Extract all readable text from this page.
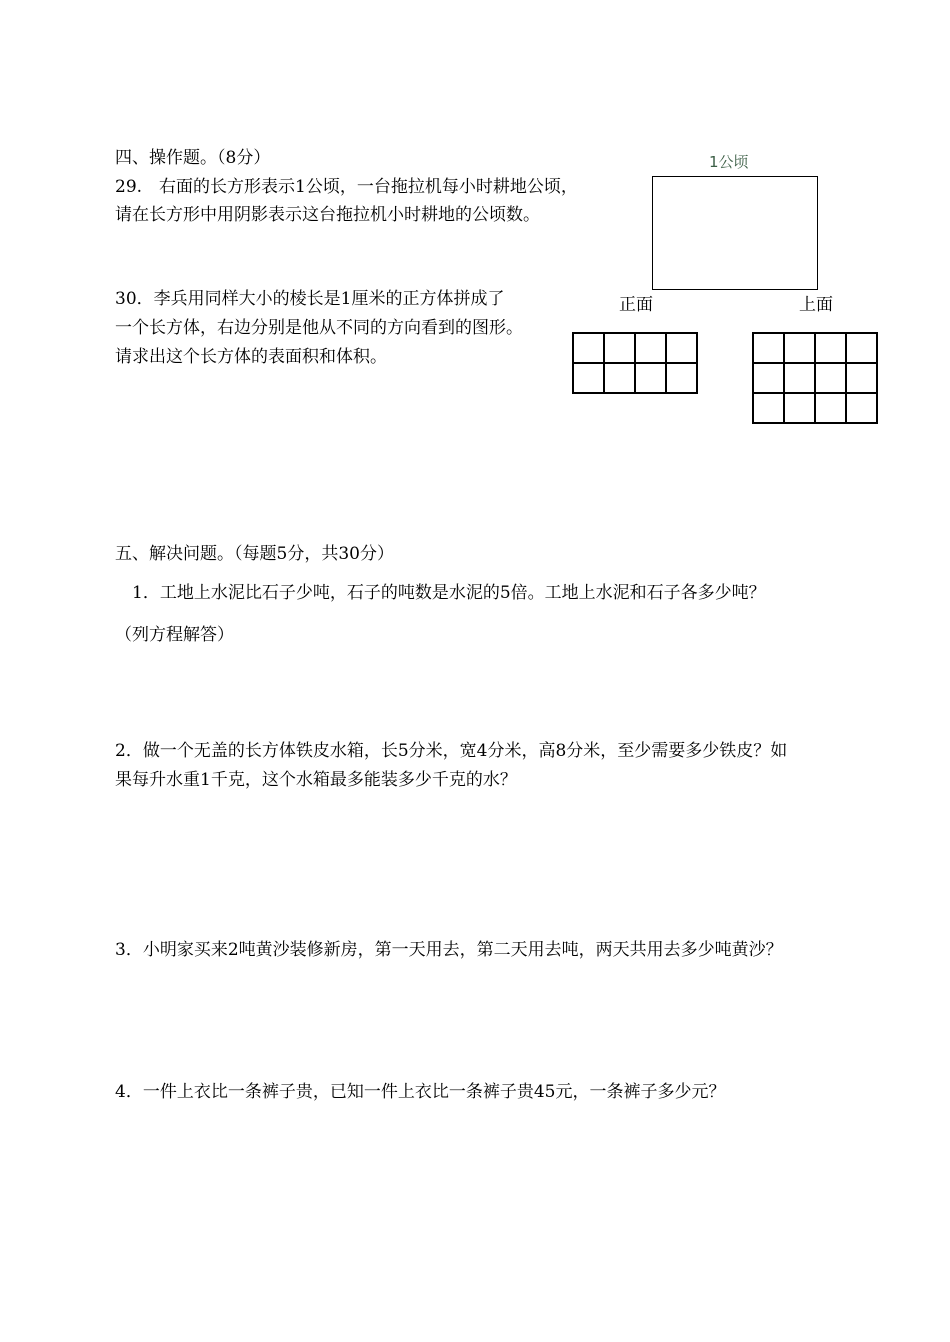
四、操作题。（8分）
29.　右面的长方形表示1公顷，一台拖拉机每小时耕地公顷，
请在长方形中用阴影表示这台拖拉机小时耕地的公顷数。
1公顷
30．李兵用同样大小的棱长是1厘米的正方体拼成了
一个长方体，右边分别是他从不同的方向看到的图形。
请求出这个长方体的表面积和体积。
正面	上面

五、解决问题。（每题5分，共30分）
1．工地上水泥比石子少吨，石子的吨数是水泥的5倍。工地上水泥和石子各多少吨？
（列方程解答）
2．做一个无盖的长方体铁皮水箱，长5分米，宽4分米，高8分米，至少需要多少铁皮？如
果每升水重1千克，这个水箱最多能装多少千克的水？
3．小明家买来2吨黄沙装修新房，第一天用去，第二天用去吨，两天共用去多少吨黄沙？
4．一件上衣比一条裤子贵，已知一件上衣比一条裤子贵45元，一条裤子多少元？
